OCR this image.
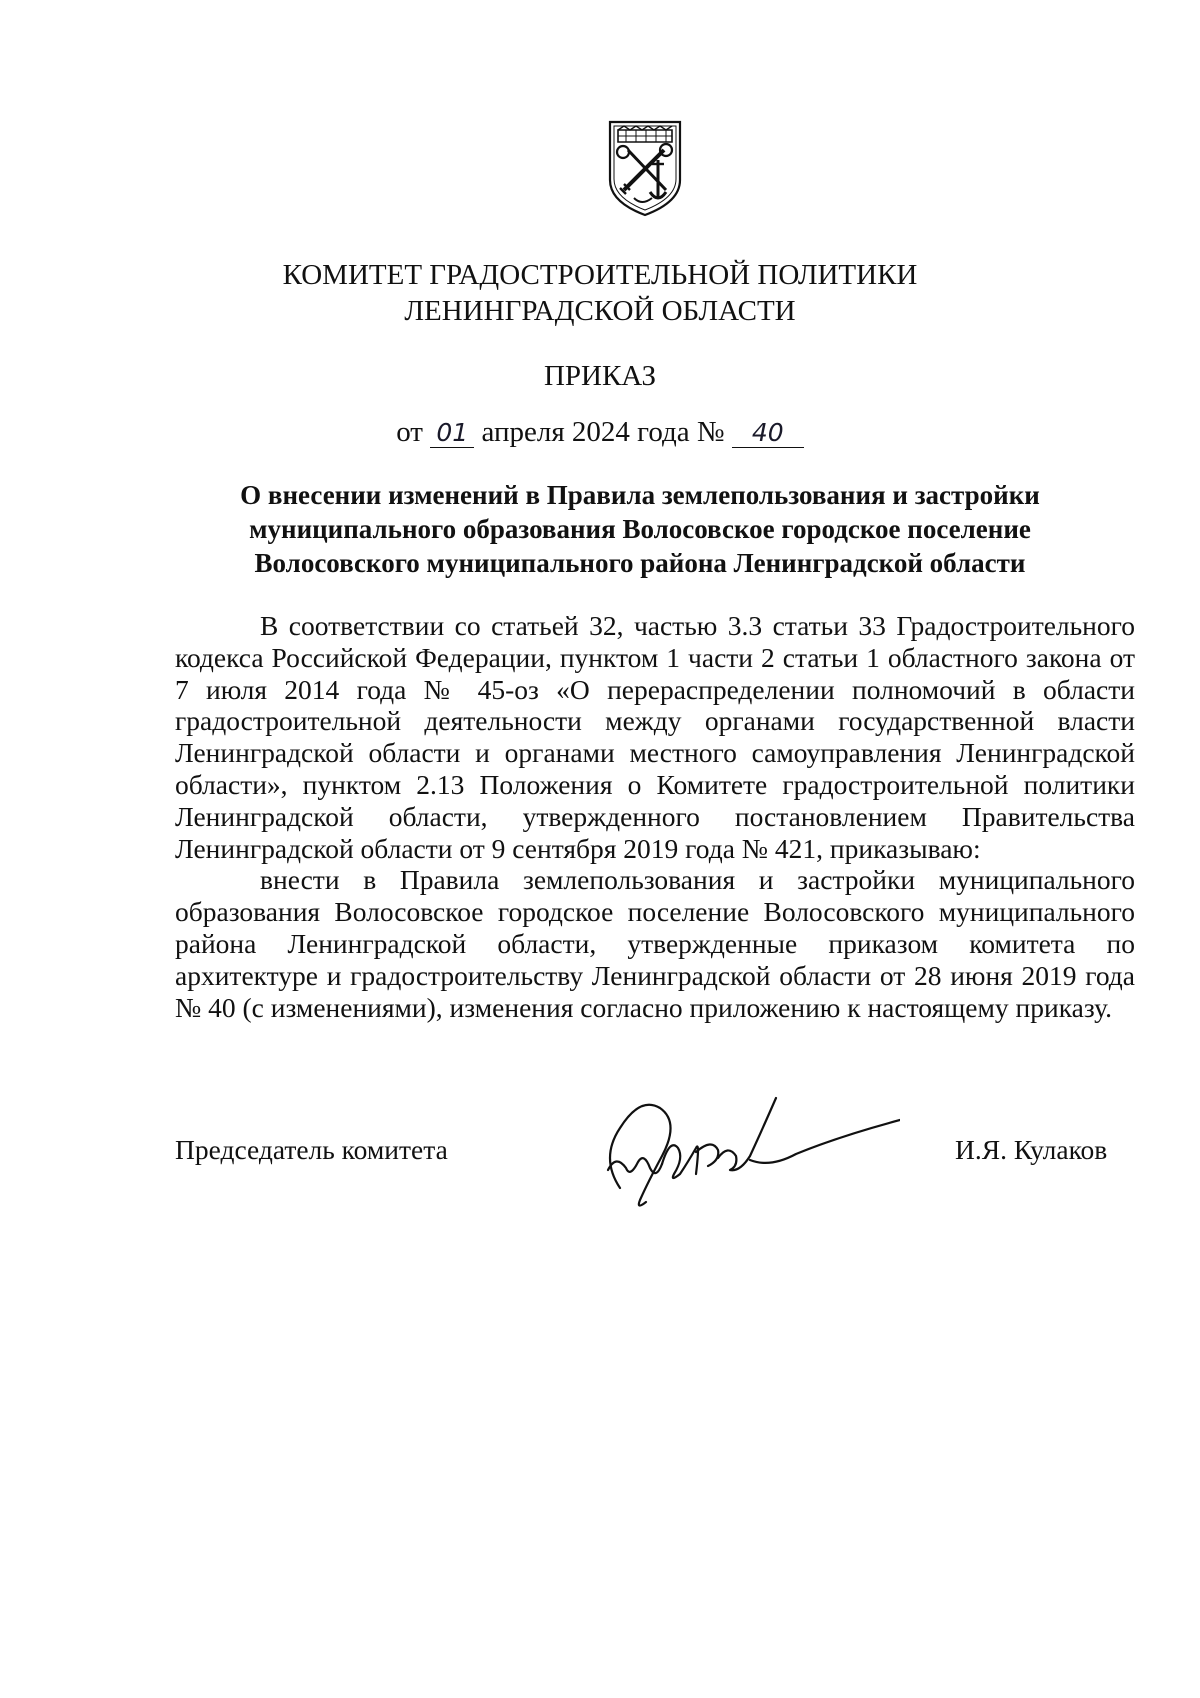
КОМИТЕТ ГРАДОСТРОИТЕЛЬНОЙ ПОЛИТИКИ
ЛЕНИНГРАДСКОЙ ОБЛАСТИ
ПРИКАЗ
от 01 апреля 2024 года № 40
О внесении изменений в Правила землепользования и застройки муниципального образования Волосовское городское поселение Волосовского муниципального района Ленинградской области

В соответствии со статьей 32, частью 3.3 статьи 33 Градостроительного кодекса Российской Федерации, пунктом 1 части 2 статьи 1 областного закона от 7 июля 2014 года № 45-оз «О перераспределении полномочий в области градостроительной деятельности между органами государственной власти Ленинградской области и органами местного самоуправления Ленинградской области», пунктом 2.13 Положения о Комитете градостроительной политики Ленинградской области, утвержденного постановлением Правительства Ленинградской области от 9 сентября 2019 года № 421, приказываю:

внести в Правила землепользования и застройки муниципального образования Волосовское городское поселение Волосовского муниципального района Ленинградской области, утвержденные приказом комитета по архитектуре и градостроительству Ленинградской области от 28 июня 2019 года № 40 (с изменениями), изменения согласно приложению к настоящему приказу.

Председатель комитета	И.Я. Кулаков
